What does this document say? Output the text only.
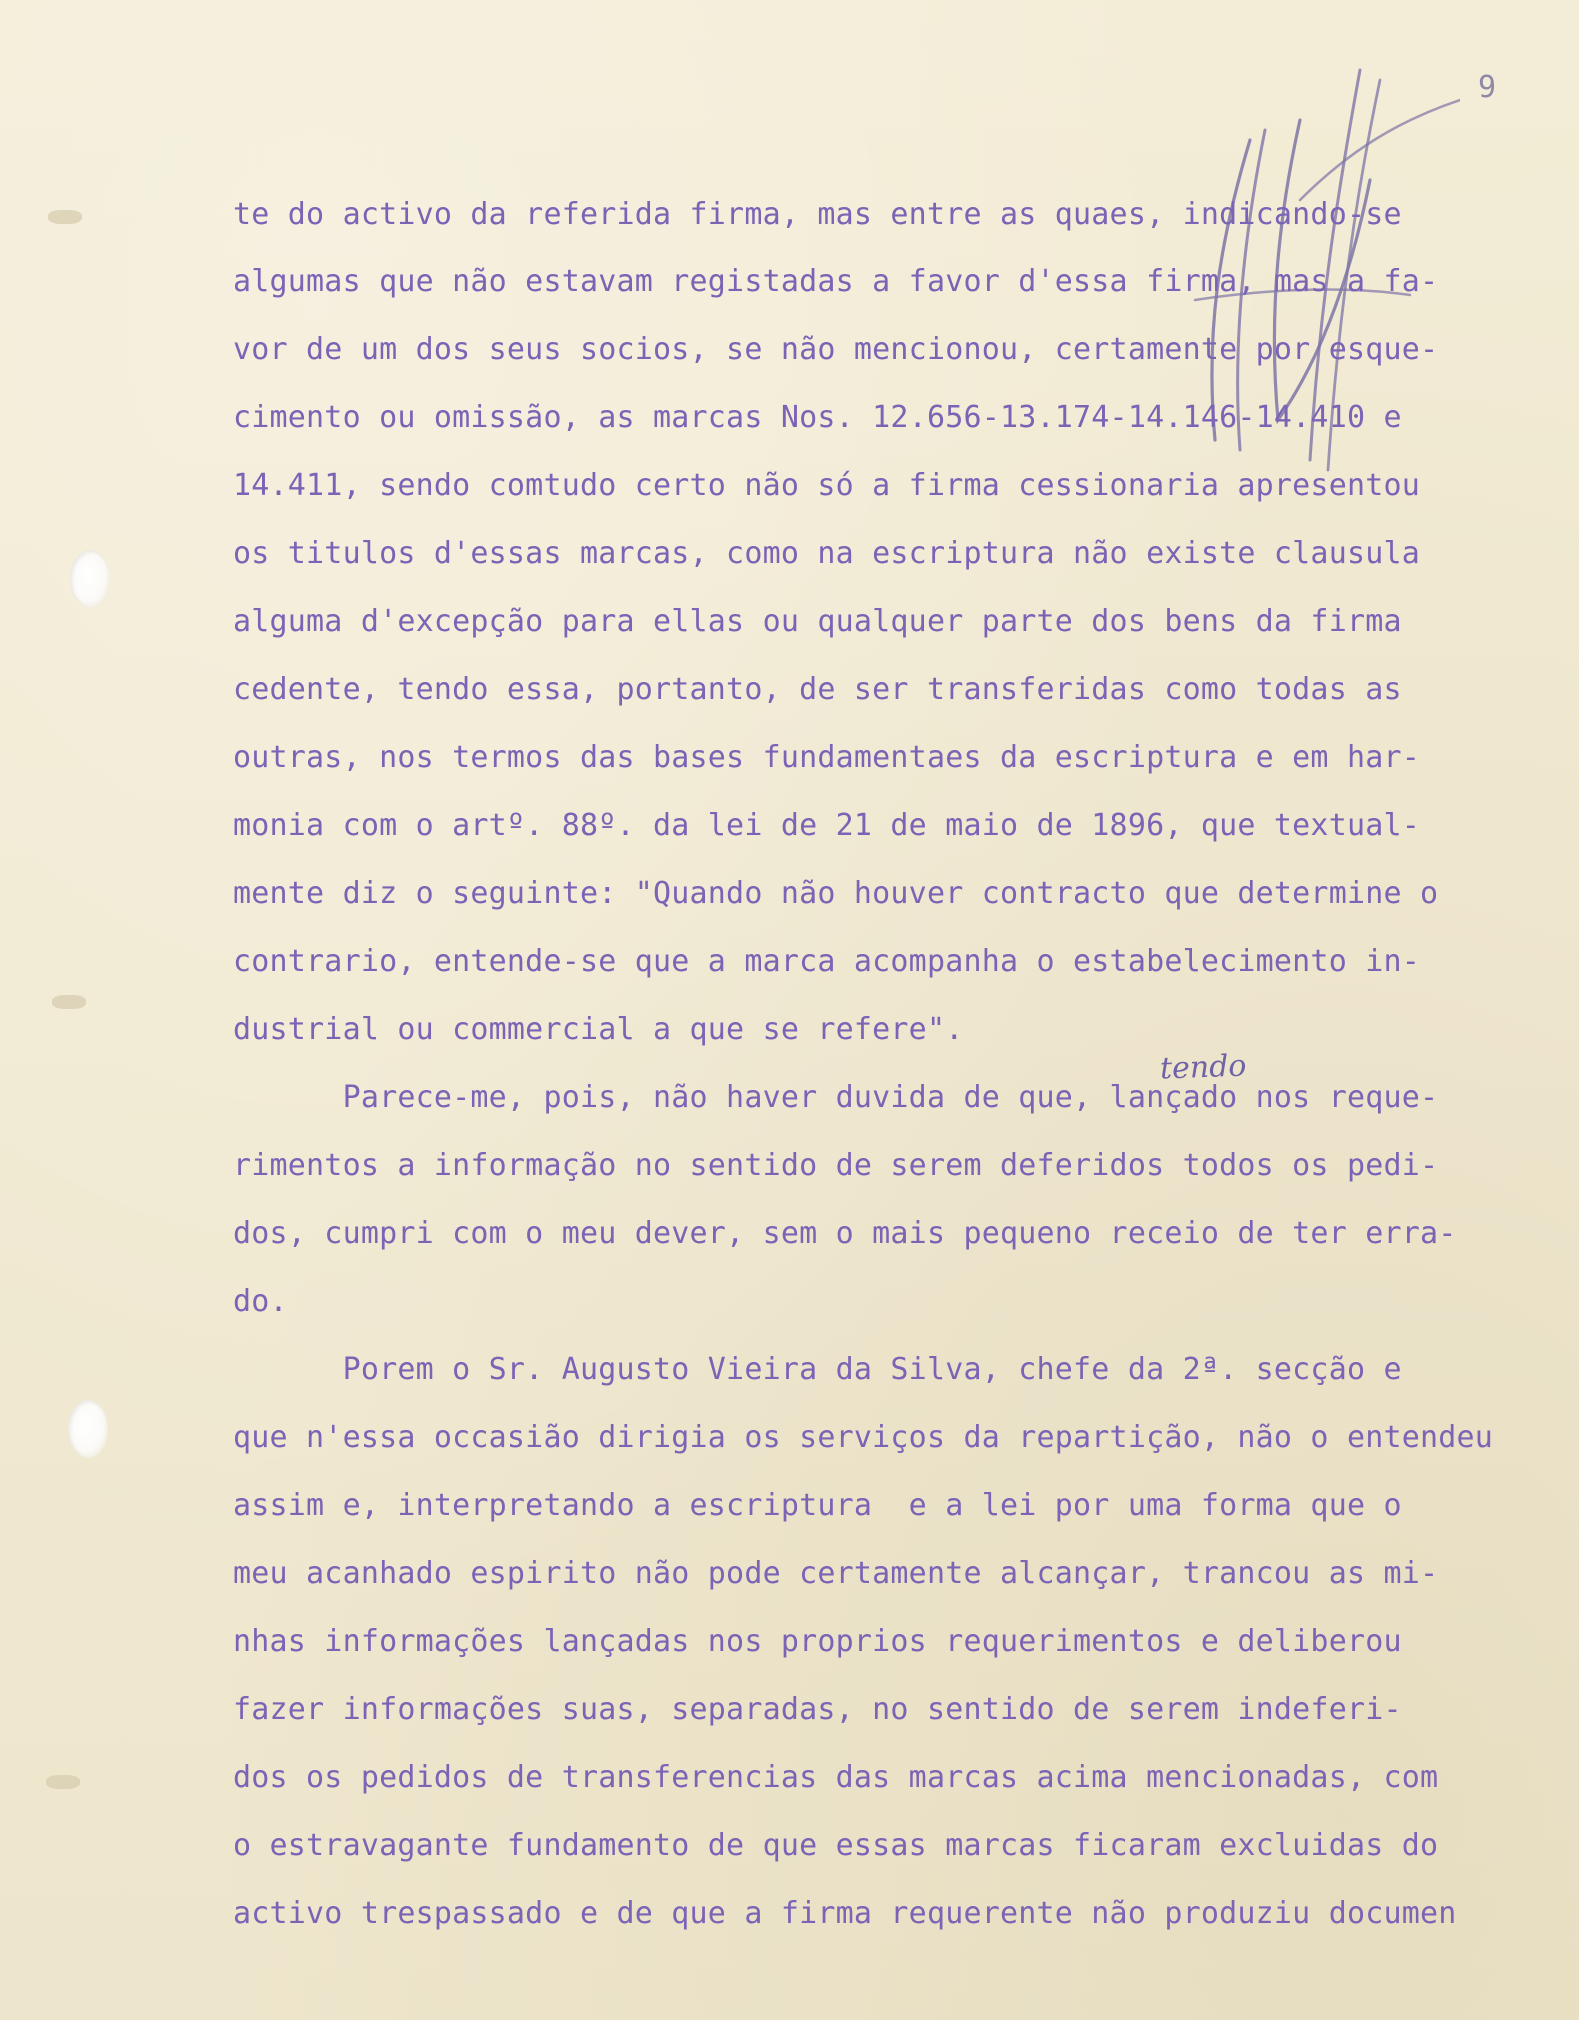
9
te do activo da referida firma, mas entre as quaes, indicando-se
algumas que não estavam registadas a favor d'essa firma, mas a fa-
vor de um dos seus socios, se não mencionou, certamente por esque-
cimento ou omissão, as marcas Nos. 12.656-13.174-14.146-14.410 e
14.411, sendo comtudo certo não só a firma cessionaria apresentou
os titulos d'essas marcas, como na escriptura não existe clausula
alguma d'excepção para ellas ou qualquer parte dos bens da firma
cedente, tendo essa, portanto, de ser transferidas como todas as
outras, nos termos das bases fundamentaes da escriptura e em har-
monia com o artº. 88º. da lei de 21 de maio de 1896, que textual-
mente diz o seguinte: "Quando não houver contracto que determine o
contrario, entende-se que a marca acompanha o estabelecimento in-
dustrial ou commercial a que se refere".
tendo
Parece-me, pois, não haver duvida de que, lançado nos reque-
rimentos a informação no sentido de serem deferidos todos os pedi-
dos, cumpri com o meu dever, sem o mais pequeno receio de ter erra-
do.
Porem o Sr. Augusto Vieira da Silva, chefe da 2ª. secção e
que n'essa occasião dirigia os serviços da repartição, não o entendeu
assim e, interpretando a escriptura  e a lei por uma forma que o
meu acanhado espirito não pode certamente alcançar, trancou as mi-
nhas informações lançadas nos proprios requerimentos e deliberou
fazer informações suas, separadas, no sentido de serem indeferi-
dos os pedidos de transferencias das marcas acima mencionadas, com
o estravagante fundamento de que essas marcas ficaram excluidas do
activo trespassado e de que a firma requerente não produziu documen
